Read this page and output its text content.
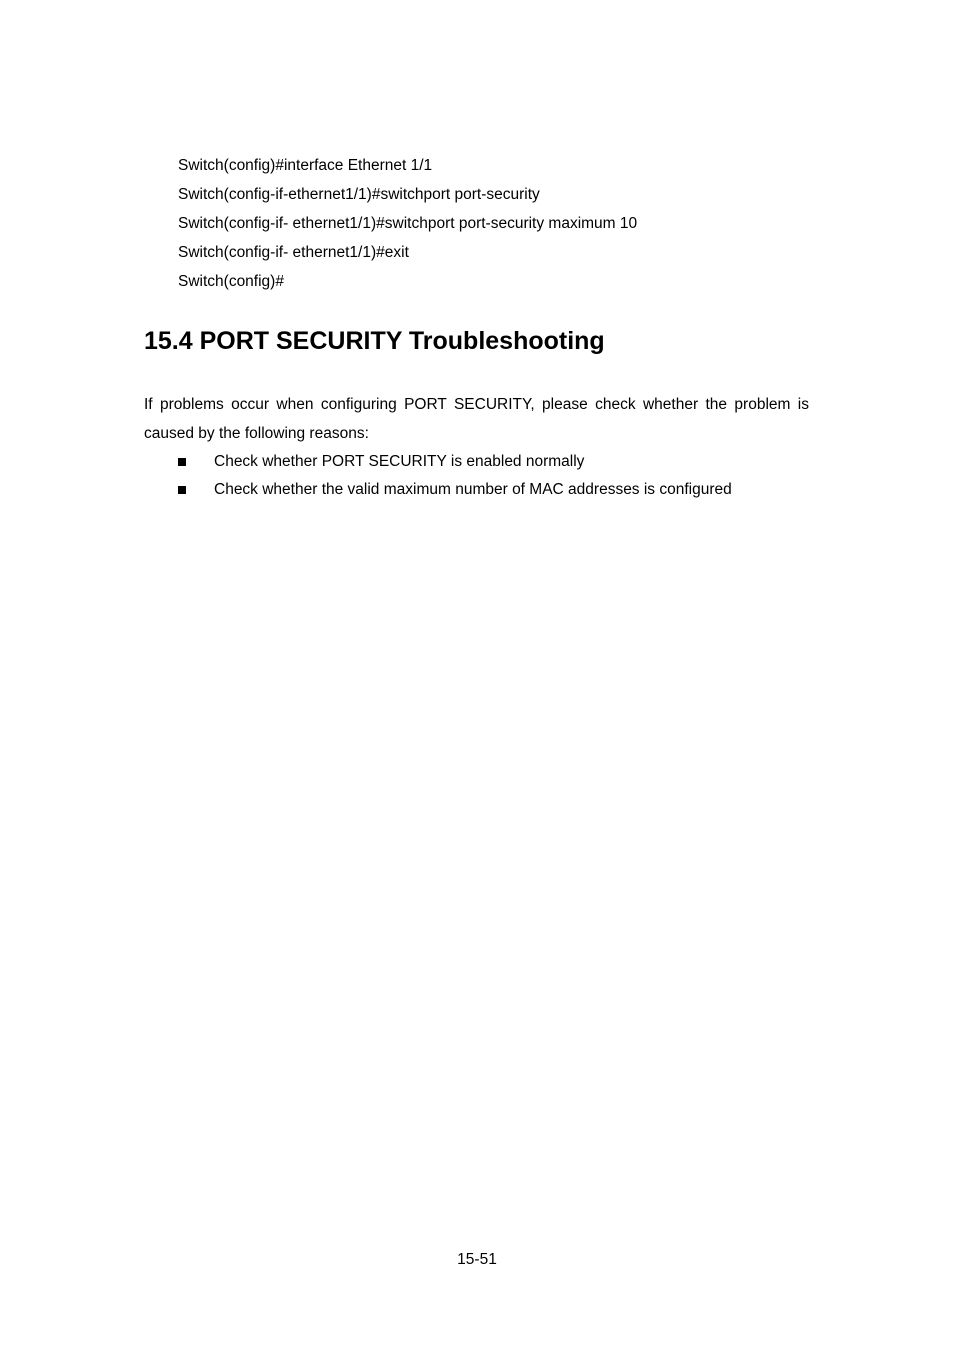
Switch(config)#interface Ethernet 1/1
Switch(config-if-ethernet1/1)#switchport port-security
Switch(config-if- ethernet1/1)#switchport port-security maximum 10
Switch(config-if- ethernet1/1)#exit
Switch(config)#
15.4 PORT SECURITY Troubleshooting

If problems occur when configuring PORT SECURITY, please check whether the problem is caused by the following reasons:

Check whether PORT SECURITY is enabled normally
Check whether the valid maximum number of MAC addresses is configured
15-51
